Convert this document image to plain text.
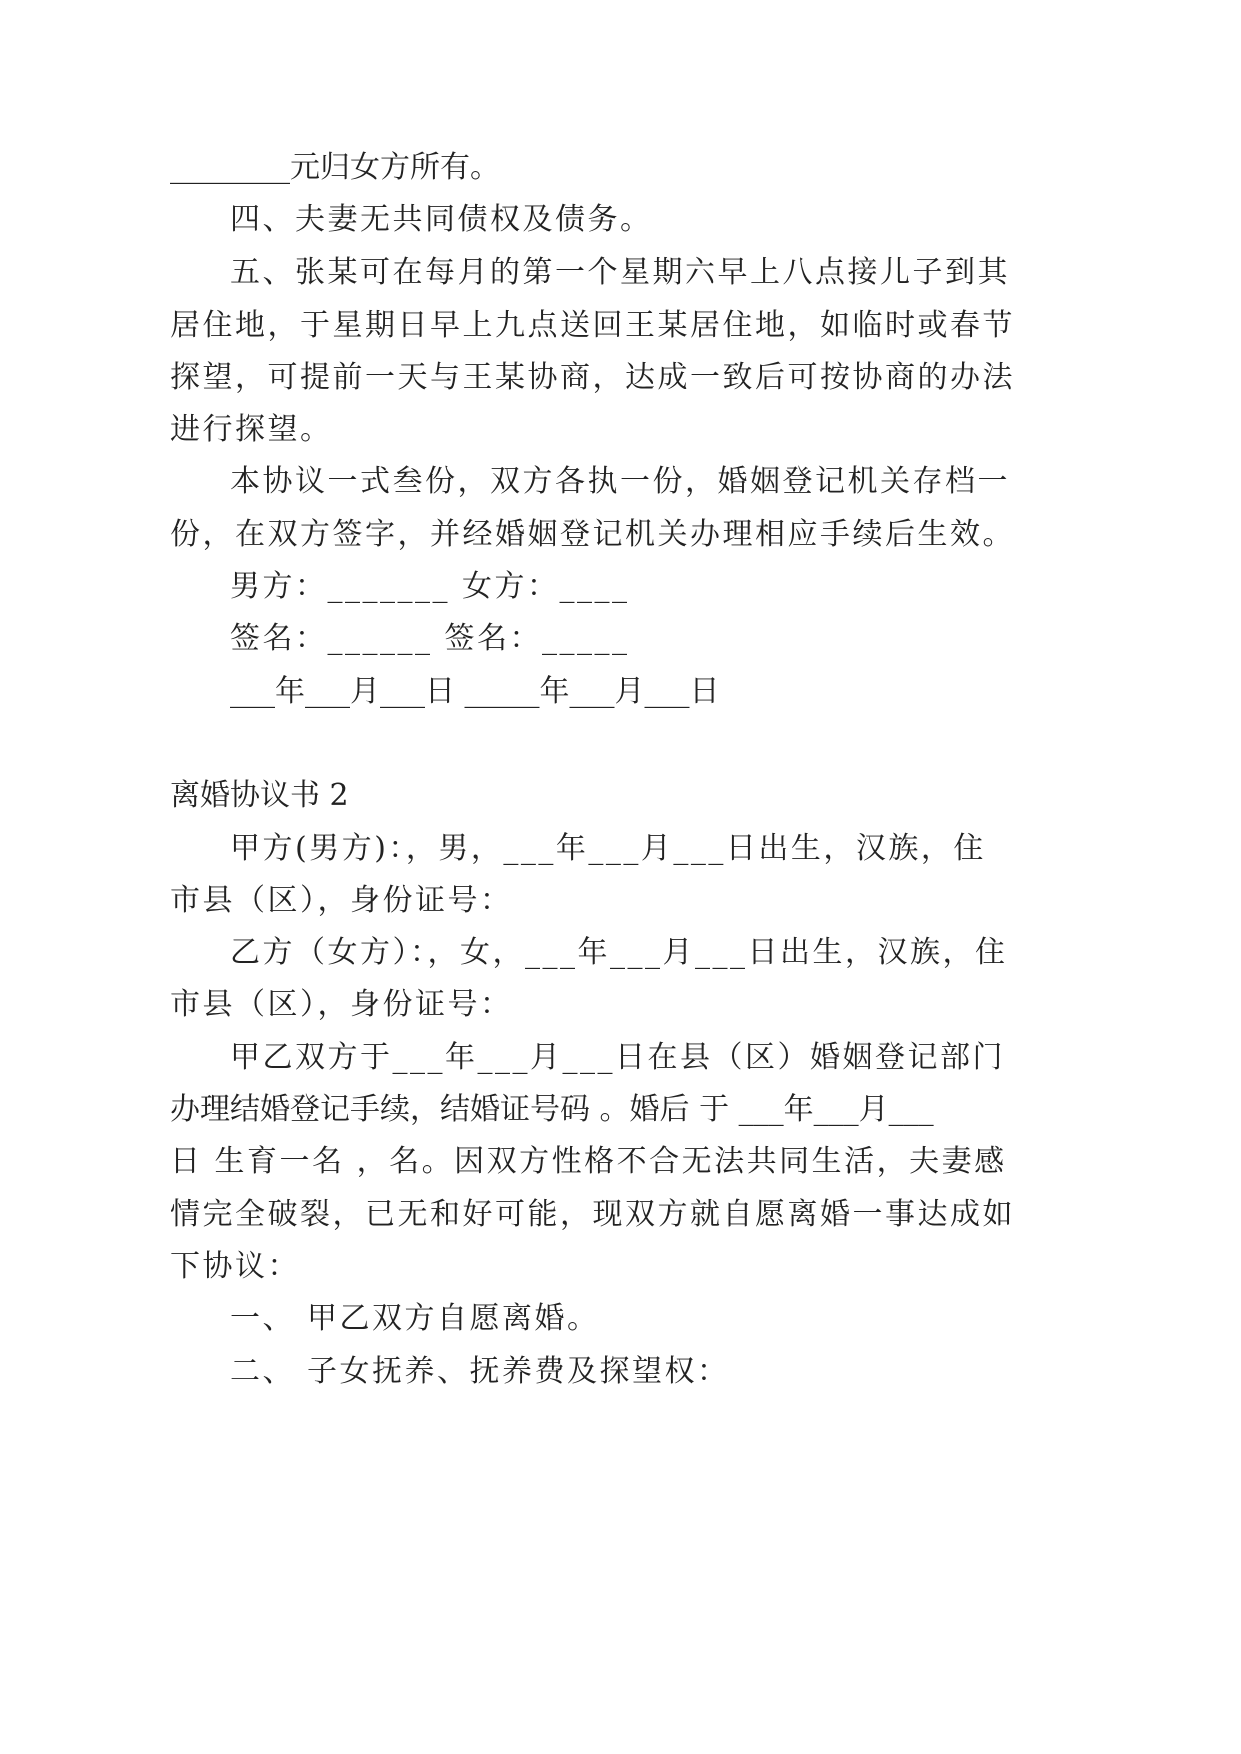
________元归女方所有。
四、夫妻无共同债权及债务。
五、张某可在每月的第一个星期六早上八点接儿子到其
居住地，于星期日早上九点送回王某居住地，如临时或春节
探望，可提前一天与王某协商，达成一致后可按协商的办法
进行探望。
本协议一式叁份，双方各执一份，婚姻登记机关存档一
份，在双方签字，并经婚姻登记机关办理相应手续后生效。
男方：_______ 女方：____
签名：______ 签名：_____
___年___月___日 _____年___月___日
离婚协议书 2
甲方(男方)：，男，___年___月___日出生，汉族，住
市县（区），身份证号：
乙方（女方）：，女，___年___月___日出生，汉族，住
市县（区），身份证号：
甲乙双方于___年___月___日在县（区）婚姻登记部门
办理结婚登记手续，结婚证号码 。婚后 于 ___年___月___
日 生育一名 ，名。因双方性格不合无法共同生活，夫妻感
情完全破裂，已无和好可能，现双方就自愿离婚一事达成如
下协议：
一、 甲乙双方自愿离婚。
二、 子女抚养、抚养费及探望权：
